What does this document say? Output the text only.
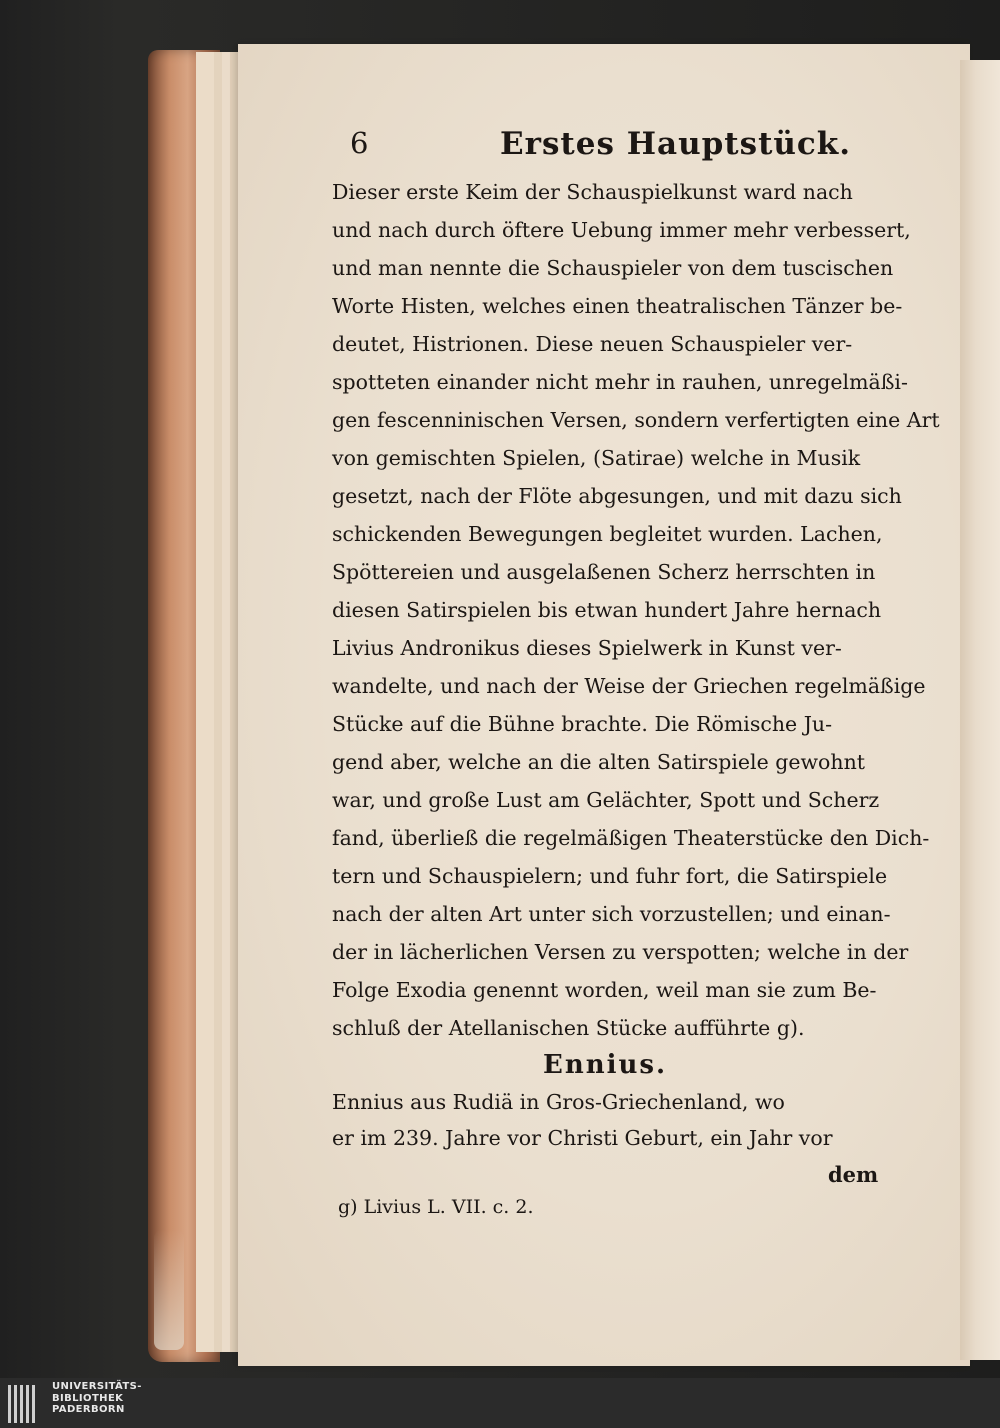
6	Erstes Hauptstück.
Dieser erste Keim der Schauspielkunst ward nach
und nach durch öftere Uebung immer mehr verbessert,
und man nennte die Schauspieler von dem tuscischen
Worte Histen, welches einen theatralischen Tänzer be-
deutet, Histrionen. Diese neuen Schauspieler ver-
spotteten einander nicht mehr in rauhen, unregelmäßi-
gen fescenninischen Versen, sondern verfertigten eine Art
von gemischten Spielen, (Satirae) welche in Musik
gesetzt, nach der Flöte abgesungen, und mit dazu sich
schickenden Bewegungen begleitet wurden. Lachen,
Spöttereien und ausgelaßenen Scherz herrschten in
diesen Satirspielen bis etwan hundert Jahre hernach
Livius Andronikus dieses Spielwerk in Kunst ver-
wandelte, und nach der Weise der Griechen regelmäßige
Stücke auf die Bühne brachte. Die Römische Ju-
gend aber, welche an die alten Satirspiele gewohnt
war, und große Lust am Gelächter, Spott und Scherz
fand, überließ die regelmäßigen Theaterstücke den Dich-
tern und Schauspielern; und fuhr fort, die Satirspiele
nach der alten Art unter sich vorzustellen; und einan-
der in lächerlichen Versen zu verspotten; welche in der
Folge Exodia genennt worden, weil man sie zum Be-
schluß der Atellanischen Stücke aufführte g).
Ennius.
Ennius aus Rudiä in Gros-Griechenland, wo
er im 239. Jahre vor Christi Geburt, ein Jahr vor
dem
g) Livius L. VII. c. 2.
UNIVERSITÄTS-
BIBLIOTHEK
PADERBORN
